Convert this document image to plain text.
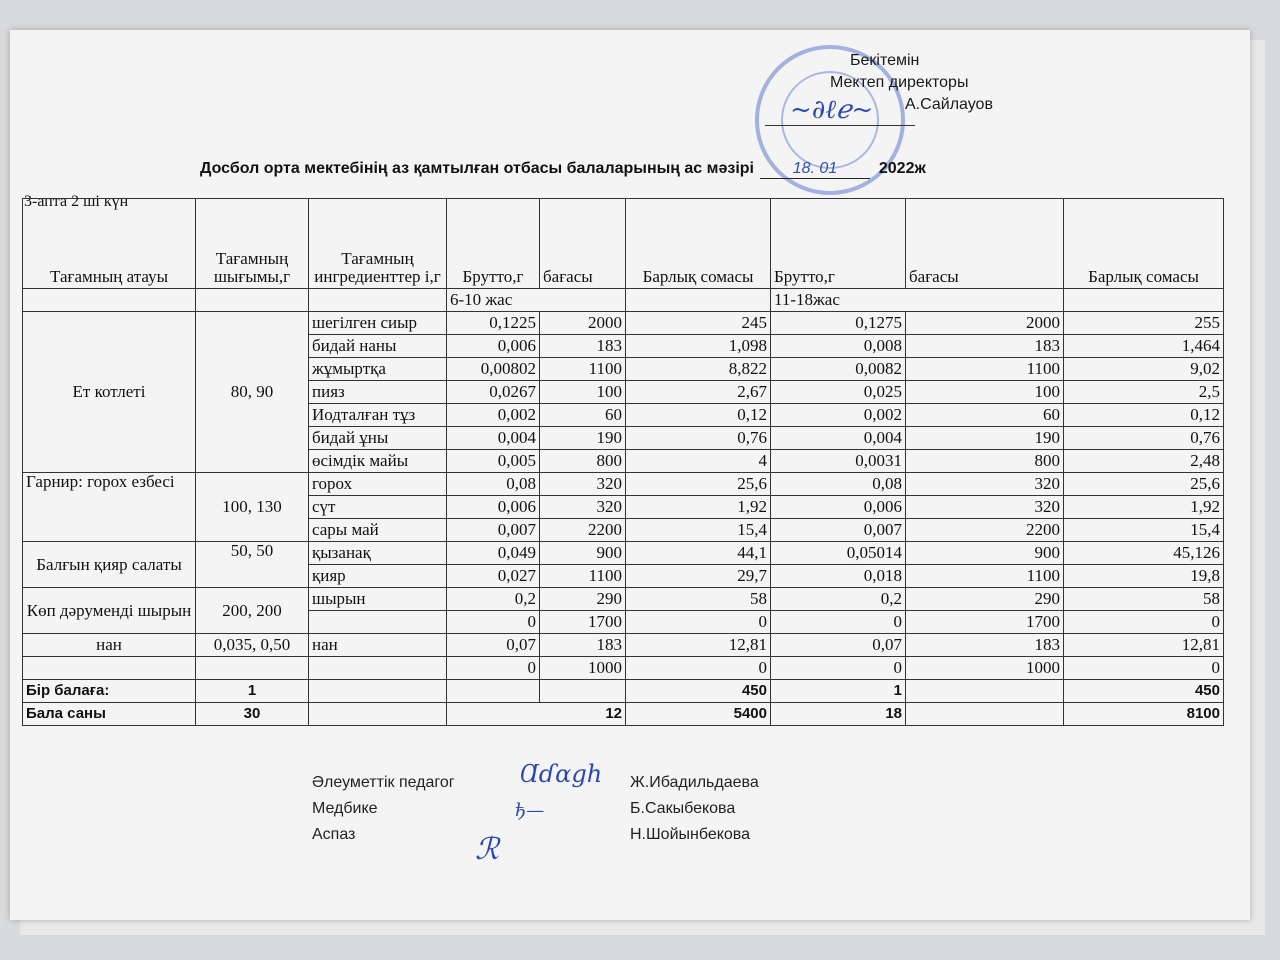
~∂ℓℯ~
Бекітемін
Мектеп директоры
А.Сайлауов
Досбол орта мектебінің аз қамтылған отбасы балаларының ас мәзірі 18. 01	2022ж
3-апта 2 ші күн
Тағамның атауы	Тағамның шығымы,г	Тағамның ингредиенттер і,г	Брутто,г	бағасы	Барлық сомасы	Брутто,г	бағасы	Барлық сомасы
			6-10 жас			11-18жас		
Ет котлеті	80, 90	шегілген сиыр	0,1225	2000	245	0,1275	2000	255
		бидай наны	0,006	183	1,098	0,008	183	1,464
		жұмыртқа	0,00802	1100	8,822	0,0082	1100	9,02
		пияз	0,0267	100	2,67	0,025	100	2,5
		Иодталған тұз	0,002	60	0,12	0,002	60	0,12
		бидай ұны	0,004	190	0,76	0,004	190	0,76
		өсімдік майы	0,005	800	4	0,0031	800	2,48
Гарнир: горох езбесі	100, 130	горох	0,08	320	25,6	0,08	320	25,6
		сүт	0,006	320	1,92	0,006	320	1,92
		сары май	0,007	2200	15,4	0,007	2200	15,4
Балғын қияр салаты	50, 50	қызанақ	0,049	900	44,1	0,05014	900	45,126
		қияр	0,027	1100	29,7	0,018	1100	19,8
Көп дәруменді шырын	200, 200	шырын	0,2	290	58	0,2	290	58
			0	1700	0	0	1700	0
нан	0,035, 0,50	нан	0,07	183	12,81	0,07	183	12,81
			0	1000	0	0	1000	0
Бір балаға:	1				450	1		450
Бала саны	30		12		5400	18		8100
Әлеуметтік педагог	Ж.Ибадильдаева
Медбике	Б.Сакыбекова
Аспаз	Н.Шойынбекова
Ɑɗαgh
ђ—
ℛ
